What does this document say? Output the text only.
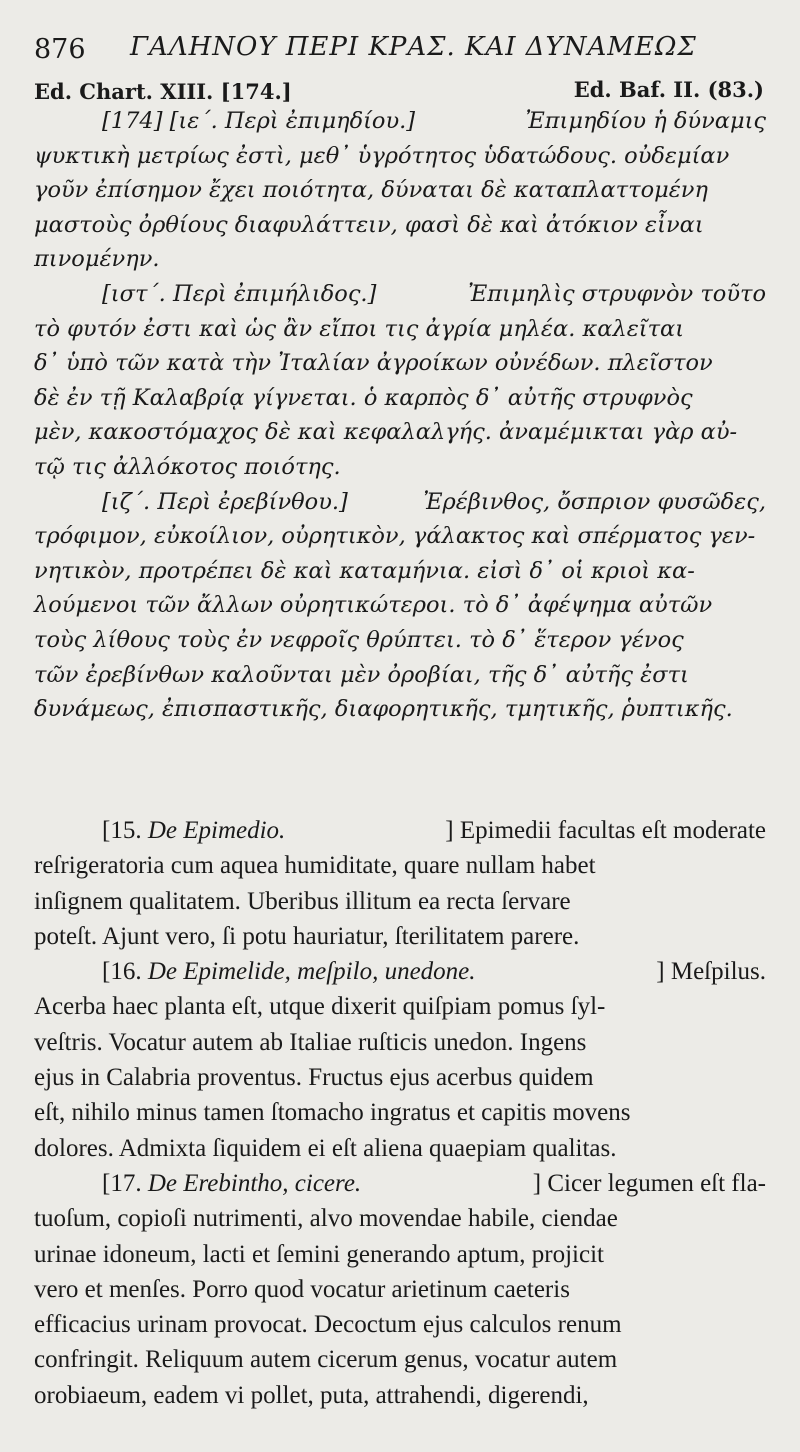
876 ΓΑΛΗΝΟΥ ΠΕΡΙ ΚΡΑΣ. ΚΑΙ ΔΥΝΑΜΕΩΣ
Ed. Chart. XIII. [174.]	Ed. Baf. II. (83.)
[174] [ιε΄. Περὶ ἐπιμηδίου.]	Ἐπιμηδίου ἡ δύναμις
ψυκτικὴ μετρίως ἐστὶ, μεθ᾿ ὑγρότητος ὑδατώδους. οὐδεμίαν
γοῦν ἐπίσημον ἔχει ποιότητα, δύναται δὲ καταπλαττομένη
μαστοὺς ὀρθίους διαφυλάττειν, φασὶ δὲ καὶ ἀτόκιον εἶναι
πινομένην.
[ιστ΄. Περὶ ἐπιμήλιδος.]	Ἐπιμηλὶς στρυφνὸν τοῦτο
τὸ φυτόν ἐστι καὶ ὡς ἂν εἴποι τις ἀγρία μηλέα. καλεῖται
δ᾿ ὑπὸ τῶν κατὰ τὴν Ἰταλίαν ἀγροίκων οὐνέδων. πλεῖστον
δὲ ἐν τῇ Καλαβρίᾳ γίγνεται. ὁ καρπὸς δ᾿ αὐτῆς στρυφνὸς
μὲν, κακοστόμαχος δὲ καὶ κεφαλαλγής. ἀναμέμικται γὰρ αὐ-
τῷ τις ἀλλόκοτος ποιότης.
[ιζ΄. Περὶ ἐρεβίνθου.]	Ἐρέβινθος, ὄσπριον φυσῶδες,
τρόφιμον, εὐκοίλιον, οὐρητικὸν, γάλακτος καὶ σπέρματος γεν-
νητικὸν, προτρέπει δὲ καὶ καταμήνια. εἰσὶ δ᾿ οἱ κριοὶ κα-
λούμενοι τῶν ἄλλων οὐρητικώτεροι. τὸ δ᾿ ἀφέψημα αὐτῶν
τοὺς λίθους τοὺς ἐν νεφροῖς θρύπτει. τὸ δ᾿ ἕτερον γένος
τῶν ἐρεβίνθων καλοῦνται μὲν ὀροβίαι, τῆς δ᾿ αὐτῆς ἐστι
δυνάμεως, ἐπισπαστικῆς, διαφορητικῆς, τμητικῆς, ῥυπτικῆς.
[15. De Epimedio.	] Epimedii facultas eſt moderate
reſrigeratoria cum aquea humiditate, quare nullam habet
inſignem qualitatem. Uberibus illitum ea recta ſervare
poteſt. Ajunt vero, ſi potu hauriatur, ſterilitatem parere.
[16. De Epimelide, meſpilo, unedone.	] Meſpilus.
Acerba haec planta eſt, utque dixerit quiſpiam pomus ſyl-
veſtris. Vocatur autem ab Italiae ruſticis unedon. Ingens
ejus in Calabria proventus. Fructus ejus acerbus quidem
eſt, nihilo minus tamen ſtomacho ingratus et capitis movens
dolores. Admixta ſiquidem ei eſt aliena quaepiam qualitas.
[17. De Erebintho, cicere.	] Cicer legumen eſt fla-
tuoſum, copioſi nutrimenti, alvo movendae habile, ciendae
urinae idoneum, lacti et ſemini generando aptum, projicit
vero et menſes. Porro quod vocatur arietinum caeteris
efficacius urinam provocat. Decoctum ejus calculos renum
confringit. Reliquum autem cicerum genus, vocatur autem
orobiaeum, eadem vi pollet, puta, attrahendi, digerendi,
